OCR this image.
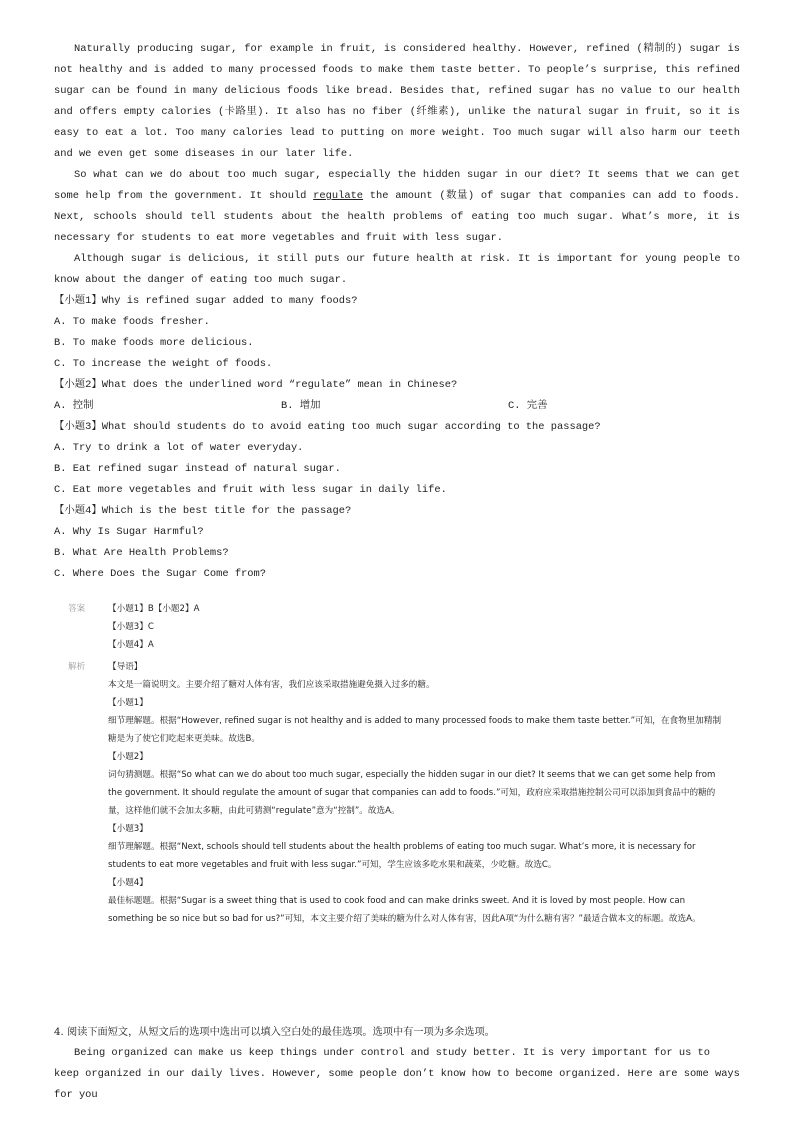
Naturally producing sugar, for example in fruit, is considered healthy. However, refined (精制的) sugar is not healthy and is added to many processed foods to make them taste better. To people’s surprise, this refined sugar can be found in many delicious foods like bread. Besides that, refined sugar has no value to our health and offers empty calories (卡路里). It also has no fiber (纤维素), unlike the natural sugar in fruit, so it is easy to eat a lot. Too many calories lead to putting on more weight. Too much sugar will also harm our teeth and we even get some diseases in our later life.

So what can we do about too much sugar, especially the hidden sugar in our diet? It seems that we can get some help from the government. It should regulate the amount (数量) of sugar that companies can add to foods. Next, schools should tell students about the health problems of eating too much sugar. What’s more, it is necessary for students to eat more vegetables and fruit with less sugar.

Although sugar is delicious, it still puts our future health at risk. It is important for young people to know about the danger of eating too much sugar.

【小题1】Why is refined sugar added to many foods?

A. To make foods fresher.

B. To make foods more delicious.

C. To increase the weight of foods.

【小题2】What does the underlined word “regulate” mean in Chinese?

A. 控制	B. 增加	C. 完善

【小题3】What should students do to avoid eating too much sugar according to the passage?

A. Try to drink a lot of water everyday.

B. Eat refined sugar instead of natural sugar.

C. Eat more vegetables and fruit with less sugar in daily life.

【小题4】Which is the best title for the passage?

A. Why Is Sugar Harmful?

B. What Are Health Problems?

C. Where Does the Sugar Come from?

答案	【小题1】B【小题2】A

【小题3】C

【小题4】A

解析	【导语】

本文是一篇说明文。主要介绍了糖对人体有害，我们应该采取措施避免摄入过多的糖。

【小题1】

细节理解题。根据“However, refined sugar is not healthy and is added to many processed foods to make them taste better.”可知，在食物里加精制糖是为了使它们吃起来更美味。故选B。

【小题2】

词句猜测题。根据“So what can we do about too much sugar, especially the hidden sugar in our diet? It seems that we can get some help from the government. It should regulate the amount of sugar that companies can add to foods.”可知，政府应采取措施控制公司可以添加到食品中的糖的量，这样他们就不会加太多糖，由此可猜测“regulate”意为“控制”。故选A。

【小题3】

细节理解题。根据“Next, schools should tell students about the health problems of eating too much sugar. What’s more, it is necessary for students to eat more vegetables and fruit with less sugar.”可知，学生应该多吃水果和蔬菜，少吃糖。故选C。

【小题4】

最佳标题题。根据“Sugar is a sweet thing that is used to cook food and can make drinks sweet. And it is loved by most people. How can something be so nice but so bad for us?”可知，本文主要介绍了美味的糖为什么对人体有害，因此A项“为什么糖有害？”最适合做本文的标题。故选A。

4. 阅读下面短文，从短文后的选项中选出可以填入空白处的最佳选项。选项中有一项为多余选项。

Being organized can make us keep things under control and study better. It is very important for us to keep organized in our daily lives. However, some people don’t know how to become organized. Here are some ways for you
